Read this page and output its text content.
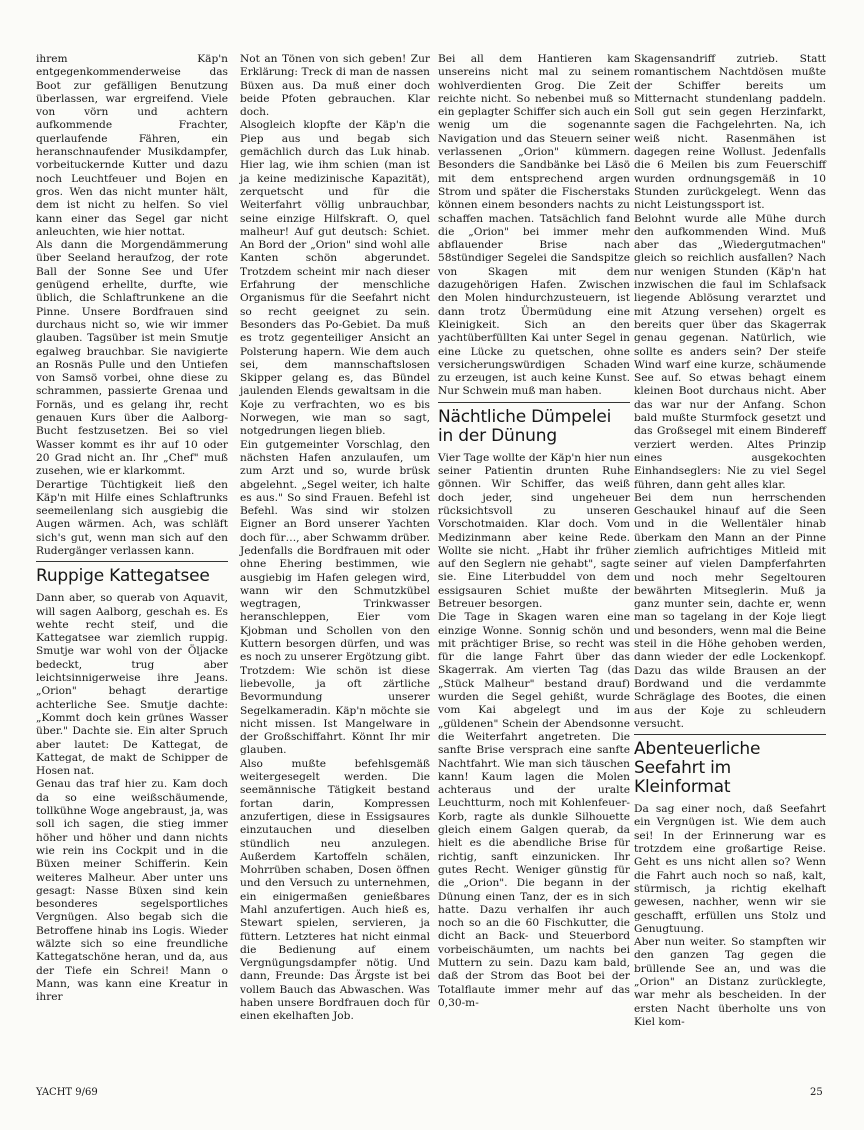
ihrem Käp'n entgegenkommenderweise das Boot zur gefälligen Benutzung überlassen, war ergreifend. Viele von vörn und achtern aufkommende Frachter, querlaufende Fähren, ein heranschnaufender Musikdampfer, vorbeituckernde Kutter und dazu noch Leuchtfeuer und Bojen en gros. Wen das nicht munter hält, dem ist nicht zu helfen. So viel kann einer das Segel gar nicht anleuchten, wie hier nottat.

Als dann die Morgendämmerung über Seeland heraufzog, der rote Ball der Sonne See und Ufer genügend erhellte, durfte, wie üblich, die Schlaftrunkene an die Pinne. Unsere Bordfrauen sind durchaus nicht so, wie wir immer glauben. Tagsüber ist mein Smutje egalweg brauchbar. Sie navigierte an Rosnäs Pulle und den Untiefen von Samsö vorbei, ohne diese zu schrammen, passierte Grenaa und Fornäs, und es gelang ihr, recht genauen Kurs über die Aalborg-Bucht festzusetzen. Bei so viel Wasser kommt es ihr auf 10 oder 20 Grad nicht an. Ihr „Chef" muß zusehen, wie er klarkommt.

Derartige Tüchtigkeit ließ den Käp'n mit Hilfe eines Schlaftrunks seemeilenlang sich ausgiebig die Augen wärmen. Ach, was schläft sich's gut, wenn man sich auf den Rudergänger verlassen kann.

Ruppige Kattegatsee

Dann aber, so querab von Aquavit, will sagen Aalborg, geschah es. Es wehte recht steif, und die Kattegatsee war ziemlich ruppig. Smutje war wohl von der Öljacke bedeckt, trug aber leichtsinnigerweise ihre Jeans. „Orion" behagt derartige achterliche See. Smutje dachte: „Kommt doch kein grünes Wasser über." Dachte sie. Ein alter Spruch aber lautet: De Kattegat, de Kattegat, de makt de Schipper de Hosen nat.

Genau das traf hier zu. Kam doch da so eine weißschäumende, tollkühne Woge angebraust, ja, was soll ich sagen, die stieg immer höher und höher und dann nichts wie rein ins Cockpit und in die Büxen meiner Schifferin. Kein weiteres Malheur. Aber unter uns gesagt: Nasse Büxen sind kein besonderes segelsportliches Vergnügen. Also begab sich die Betroffene hinab ins Logis. Wieder wälzte sich so eine freundliche Kattegatschöne heran, und da, aus der Tiefe ein Schrei! Mann o Mann, was kann eine Kreatur in ihrer

Not an Tönen von sich geben! Zur Erklärung: Treck di man de nassen Büxen aus. Da muß einer doch beide Pfoten gebrauchen. Klar doch.

Alsogleich klopfte der Käp'n die Piep aus und begab sich gemächlich durch das Luk hinab. Hier lag, wie ihm schien (man ist ja keine medizinische Kapazität), zerquetscht und für die Weiterfahrt völlig unbrauchbar, seine einzige Hilfskraft. O, quel malheur! Auf gut deutsch: Schiet. An Bord der „Orion" sind wohl alle Kanten schön abgerundet. Trotzdem scheint mir nach dieser Erfahrung der menschliche Organismus für die Seefahrt nicht so recht geeignet zu sein. Besonders das Po-Gebiet. Da muß es trotz gegenteiliger Ansicht an Polsterung hapern. Wie dem auch sei, dem mannschaftslosen Skipper gelang es, das Bündel jaulenden Elends gewaltsam in die Koje zu verfrachten, wo es bis Norwegen, wie man so sagt, notgedrungen liegen blieb.

Ein gutgemeinter Vorschlag, den nächsten Hafen anzulaufen, um zum Arzt und so, wurde brüsk abgelehnt. „Segel weiter, ich halte es aus." So sind Frauen. Befehl ist Befehl. Was sind wir stolzen Eigner an Bord unserer Yachten doch für…, aber Schwamm drüber. Jedenfalls die Bordfrauen mit oder ohne Ehering bestimmen, wie ausgiebig im Hafen gelegen wird, wann wir den Schmutzkübel wegtragen, Trinkwasser heranschleppen, Eier vom Kjobman und Schollen von den Kuttern besorgen dürfen, und was es noch zu unserer Ergötzung gibt. Trotzdem: Wie schön ist diese liebevolle, ja oft zärtliche Bevormundung unserer Segelkameradin. Käp'n möchte sie nicht missen. Ist Mangelware in der Großschiffahrt. Könnt Ihr mir glauben.

Also mußte befehlsgemäß weitergesegelt werden. Die seemännische Tätigkeit bestand fortan darin, Kompressen anzufertigen, diese in Essigsaures einzutauchen und dieselben stündlich neu anzulegen. Außerdem Kartoffeln schälen, Mohrrüben schaben, Dosen öffnen und den Versuch zu unternehmen, ein einigermaßen genießbares Mahl anzufertigen. Auch hieß es, Stewart spielen, servieren, ja füttern. Letzteres hat nicht einmal die Bedienung auf einem Vergnügungsdampfer nötig. Und dann, Freunde: Das Ärgste ist bei vollem Bauch das Abwaschen. Was haben unsere Bordfrauen doch für einen ekelhaften Job.

Bei all dem Hantieren kam unsereins nicht mal zu seinem wohlverdienten Grog. Die Zeit reichte nicht. So nebenbei muß so ein geplagter Schiffer sich auch ein wenig um die sogenannte Navigation und das Steuern seiner verlassenen „Orion" kümmern. Besonders die Sandbänke bei Läsö mit dem entsprechend argen Strom und später die Fischerstaks können einem besonders nachts zu schaffen machen. Tatsächlich fand die „Orion" bei immer mehr abflauender Brise nach 58stündiger Segelei die Sandspitze von Skagen mit dem dazugehörigen Hafen. Zwischen den Molen hindurchzusteuern, ist dann trotz Übermüdung eine Kleinigkeit. Sich an den yachtüberfüllten Kai unter Segel in eine Lücke zu quetschen, ohne versicherungswürdigen Schaden zu erzeugen, ist auch keine Kunst. Nur Schwein muß man haben.

Nächtliche Dümpelei in der Dünung

Vier Tage wollte der Käp'n hier nun seiner Patientin drunten Ruhe gönnen. Wir Schiffer, das weiß doch jeder, sind ungeheuer rücksichtsvoll zu unseren Vorschotmaiden. Klar doch. Vom Medizinmann aber keine Rede. Wollte sie nicht. „Habt ihr früher auf den Seglern nie gehabt", sagte sie. Eine Literbuddel von dem essigsauren Schiet mußte der Betreuer besorgen.

Die Tage in Skagen waren eine einzige Wonne. Sonnig schön und mit prächtiger Brise, so recht was für die lange Fahrt über das Skagerrak. Am vierten Tag (das „Stück Malheur" bestand drauf) wurden die Segel gehißt, wurde vom Kai abgelegt und im „güldenen" Schein der Abendsonne die Weiterfahrt angetreten. Die sanfte Brise versprach eine sanfte Nachtfahrt. Wie man sich täuschen kann! Kaum lagen die Molen achteraus und der uralte Leuchtturm, noch mit Kohlenfeuer-Korb, ragte als dunkle Silhouette gleich einem Galgen querab, da hielt es die abendliche Brise für richtig, sanft einzunicken. Ihr gutes Recht. Weniger günstig für die „Orion". Die begann in der Dünung einen Tanz, der es in sich hatte. Dazu verhalfen ihr auch noch so an die 60 Fischkutter, die dicht an Back- und Steuerbord vorbeischäumten, um nachts bei Muttern zu sein. Dazu kam bald, daß der Strom das Boot bei der Totalflaute immer mehr auf das 0,30-m-

Skagensandriff zutrieb. Statt romantischem Nachtdösen mußte der Schiffer bereits um Mitternacht stundenlang paddeln. Soll gut sein gegen Herzinfarkt, sagen die Fachgelehrten. Na, ich weiß nicht. Rasenmähen ist dagegen reine Wollust. Jedenfalls die 6 Meilen bis zum Feuerschiff wurden ordnungsgemäß in 10 Stunden zurückgelegt. Wenn das nicht Leistungssport ist.

Belohnt wurde alle Mühe durch den aufkommenden Wind. Muß aber das „Wiedergutmachen" gleich so reichlich ausfallen? Nach nur wenigen Stunden (Käp'n hat inzwischen die faul im Schlafsack liegende Ablösung verarztet und mit Atzung versehen) orgelt es bereits quer über das Skagerrak genau gegenan. Natürlich, wie sollte es anders sein? Der steife Wind warf eine kurze, schäumende See auf. So etwas behagt einem kleinen Boot durchaus nicht. Aber das war nur der Anfang. Schon bald mußte Sturmfock gesetzt und das Großsegel mit einem Bindereff verziert werden. Altes Prinzip eines ausgekochten Einhandseglers: Nie zu viel Segel führen, dann geht alles klar.

Bei dem nun herrschenden Geschaukel hinauf auf die Seen und in die Wellentäler hinab überkam den Mann an der Pinne ziemlich aufrichtiges Mitleid mit seiner auf vielen Dampferfahrten und noch mehr Segeltouren bewährten Mitseglerin. Muß ja ganz munter sein, dachte er, wenn man so tagelang in der Koje liegt und besonders, wenn mal die Beine steil in die Höhe gehoben werden, dann wieder der edle Lockenkopf. Dazu das wilde Brausen an der Bordwand und die verdammte Schräglage des Bootes, die einen aus der Koje zu schleudern versucht.

Abenteuerliche Seefahrt im Kleinformat

Da sag einer noch, daß Seefahrt ein Vergnügen ist. Wie dem auch sei! In der Erinnerung war es trotzdem eine großartige Reise. Geht es uns nicht allen so? Wenn die Fahrt auch noch so naß, kalt, stürmisch, ja richtig ekelhaft gewesen, nachher, wenn wir sie geschafft, erfüllen uns Stolz und Genugtuung.

Aber nun weiter. So stampften wir den ganzen Tag gegen die brüllende See an, und was die „Orion" an Distanz zurücklegte, war mehr als bescheiden. In der ersten Nacht überholte uns von Kiel kom-

YACHT 9/69	25
